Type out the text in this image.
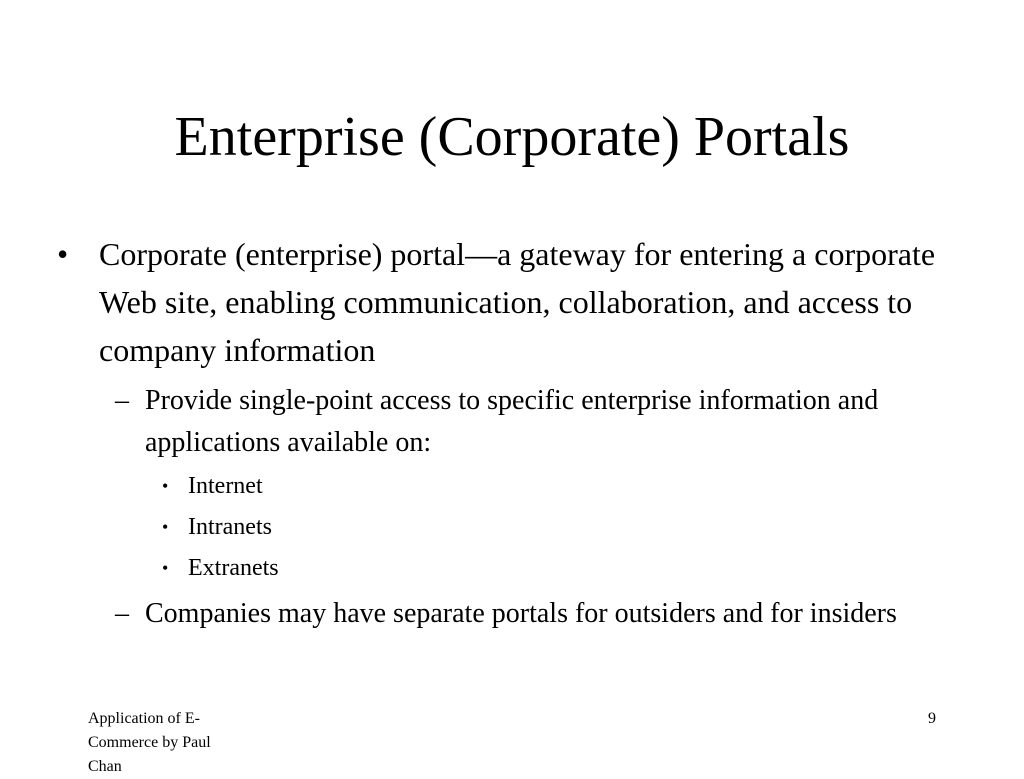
Enterprise (Corporate) Portals
• Corporate (enterprise) portal—a gateway for entering a corporate Web site, enabling communication, collaboration, and access to company information
– Provide single-point access to specific enterprise information and applications available on:
• Internet
• Intranets
• Extranets
– Companies may have separate portals for outsiders and for insiders
Application of E-Commerce by Paul Chan
9
